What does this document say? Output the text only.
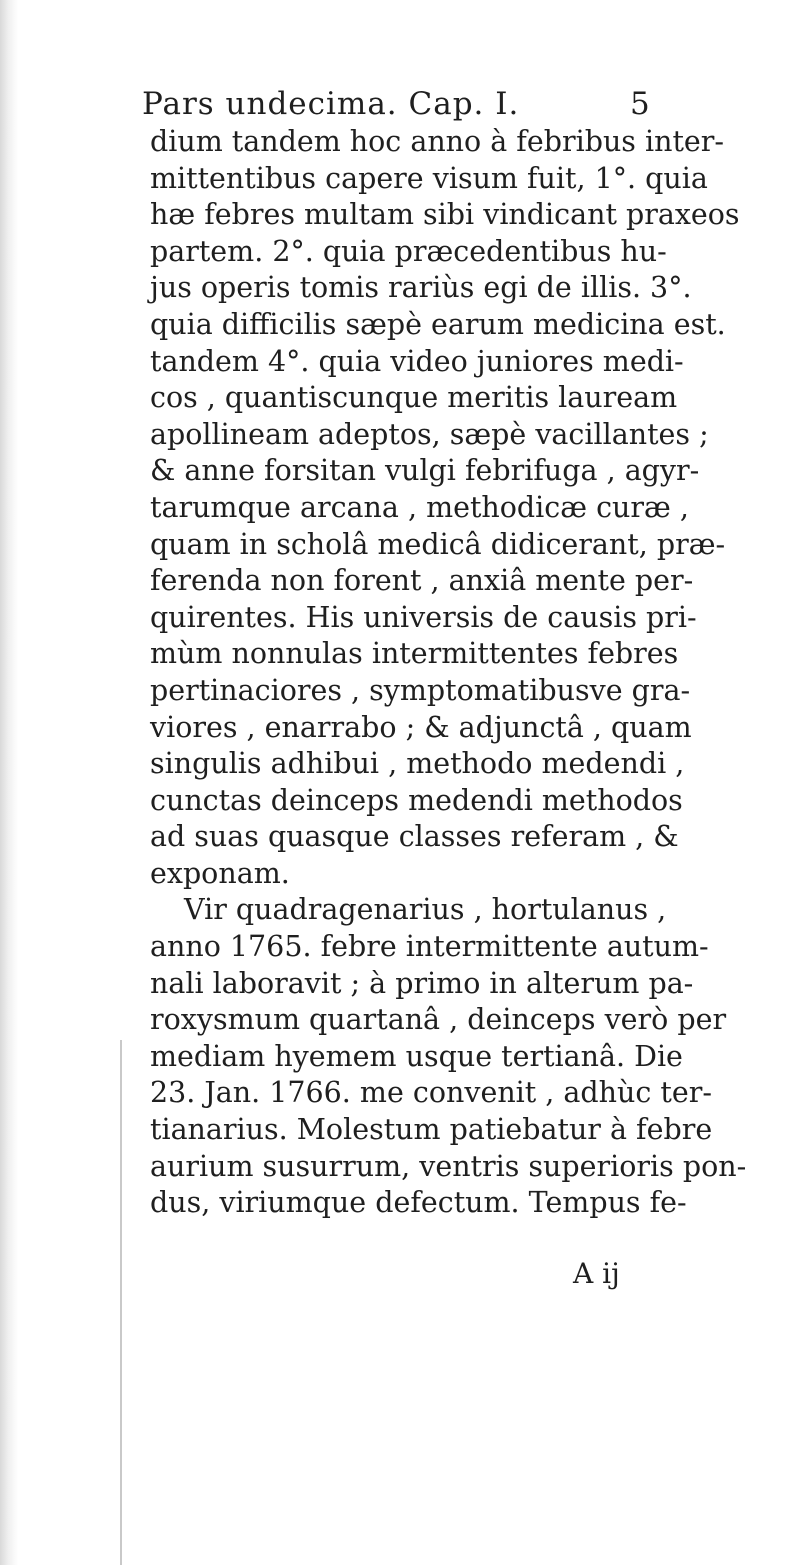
Pars undecima. Cap. I.	5
dium tandem hoc anno à febribus inter-
mittentibus capere visum fuit, 1°. quia
hæ febres multam sibi vindicant praxeos
partem. 2°. quia præcedentibus hu-
jus operis tomis rariùs egi de illis. 3°.
quia difficilis sæpè earum medicina est.
tandem 4°. quia video juniores medi-
cos , quantiscunque meritis lauream
apollineam adeptos, sæpè vacillantes ;
& anne forsitan vulgi febrifuga , agyr-
tarumque arcana , methodicæ curæ ,
quam in scholâ medicâ didicerant, præ-
ferenda non forent , anxiâ mente per-
quirentes. His universis de causis pri-
mùm nonnulas intermittentes febres
pertinaciores , symptomatibusve gra-
viores , enarrabo ; & adjunctâ , quam
singulis adhibui , methodo medendi ,
cunctas deinceps medendi methodos
ad suas quasque classes referam , &
exponam.
Vir quadragenarius , hortulanus ,
anno 1765. febre intermittente autum-
nali laboravit ; à primo in alterum pa-
roxysmum quartanâ , deinceps verò per
mediam hyemem usque tertianâ. Die
23. Jan. 1766. me convenit , adhùc ter-
tianarius. Molestum patiebatur à febre
aurium susurrum, ventris superioris pon-
dus, viriumque defectum. Tempus fe-
A ij
